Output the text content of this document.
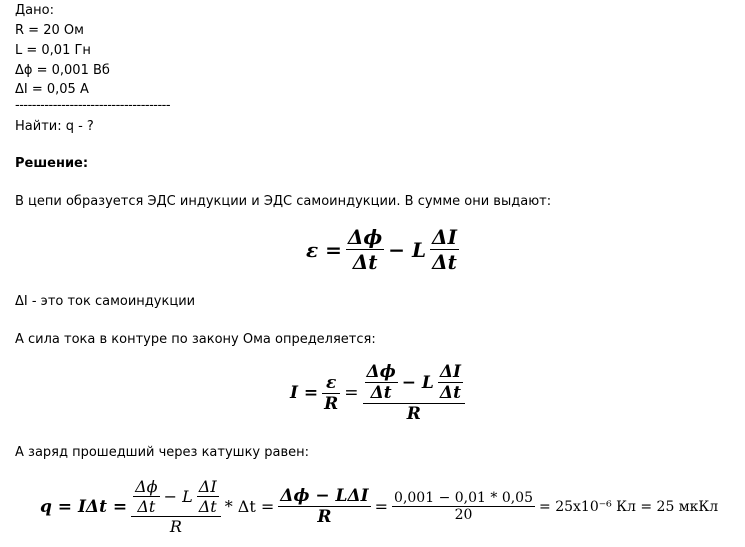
Дано:
R = 20 Ом
L = 0,01 Гн
Δϕ = 0,001 Вб
ΔI = 0,05 А
-------------------------------------
Найти: q - ?
Решение:
В цепи образуется ЭДС индукции и ЭДС самоиндукции. В сумме они выдают:
$\varepsilon = \frac{\Delta\phi}{\Delta t} - L \frac{\Delta I}{\Delta t}$
ΔI - это ток самоиндукции
А сила тока в контуре по закону Ома определяется:
$I = \frac{\varepsilon}{R} = \frac{\frac{\Delta\phi}{\Delta t} - L \frac{\Delta I}{\Delta t}}{R}$
А заряд прошедший через катушку равен:
$q = I\Delta t = \frac{\frac{\Delta\phi}{\Delta t} - L \frac{\Delta I}{\Delta t}}{R} * \Delta t = \frac{\text{Δϕ − LΔI}}{R} = \frac{0,001 - 0,01 * 0,05}{20} = 25x10^{-6}$ Кл = 25 мкКл
